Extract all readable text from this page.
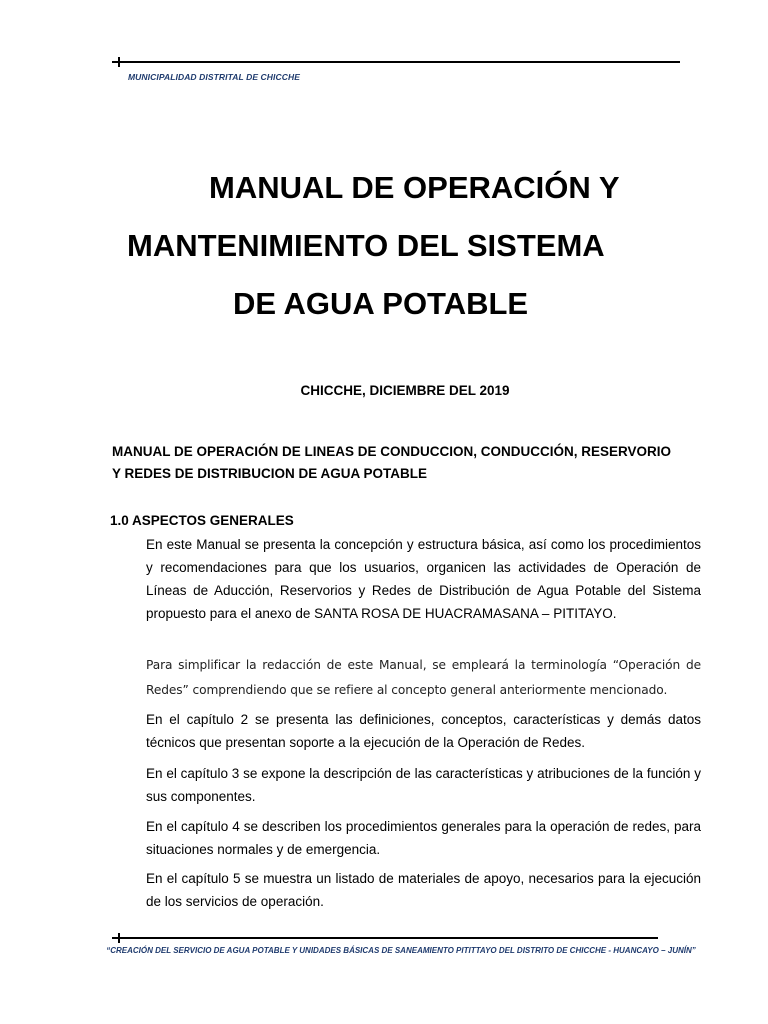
MUNICIPALIDAD DISTRITAL DE CHICCHE
MANUAL DE OPERACIÓN Y
MANTENIMIENTO DEL SISTEMA
DE AGUA POTABLE
CHICCHE, DICIEMBRE DEL 2019
MANUAL DE OPERACIÓN DE LINEAS DE CONDUCCION, CONDUCCIÓN, RESERVORIO
Y REDES DE DISTRIBUCION DE AGUA POTABLE
1.0 ASPECTOS GENERALES
En este Manual se presenta la concepción y estructura básica, así como los procedimientos y recomendaciones para que los usuarios, organicen las actividades de Operación de Líneas de Aducción, Reservorios y Redes de Distribución de Agua Potable del Sistema propuesto para el anexo de SANTA ROSA DE HUACRAMASANA – PITITAYO.
Para simplificar la redacción de este Manual, se empleará la terminología “Operación de Redes” comprendiendo que se refiere al concepto general anteriormente mencionado.
En el capítulo 2 se presenta las definiciones, conceptos, características y demás datos técnicos que presentan soporte a la ejecución de la Operación de Redes.
En el capítulo 3 se expone la descripción de las características y atribuciones de la función y sus componentes.
En el capítulo 4 se describen los procedimientos generales para la operación de redes, para situaciones normales y de emergencia.
En el capítulo 5 se muestra un listado de materiales de apoyo, necesarios para la ejecución de los servicios de operación.
“CREACIÓN DEL SERVICIO DE AGUA POTABLE Y UNIDADES BÁSICAS DE SANEAMIENTO PITITTAYO DEL DISTRITO DE CHICCHE - HUANCAYO – JUNÍN”
